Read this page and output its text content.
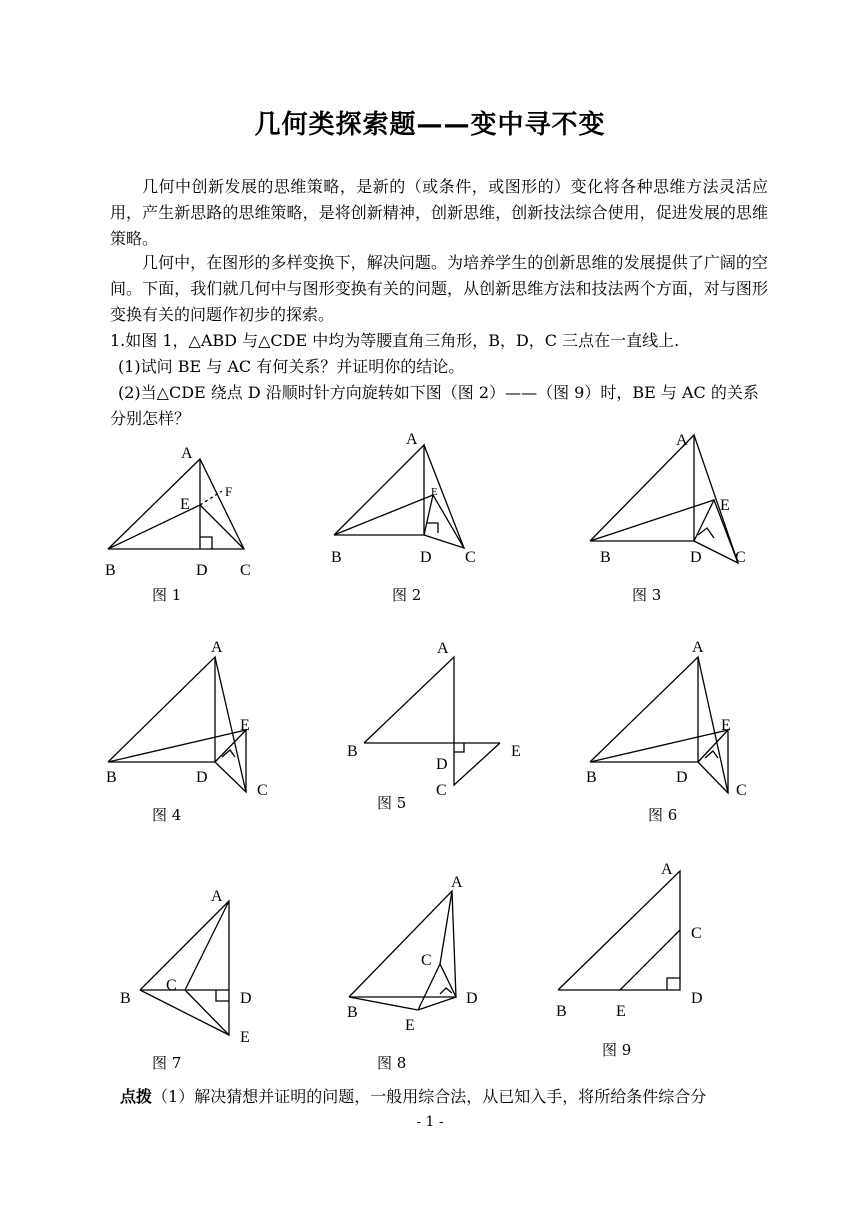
几何类探索题——变中寻不变

几何中创新发展的思维策略，是新的（或条件，或图形的）变化将各种思维方法灵活应用，产生新思路的思维策略，是将创新精神，创新思维，创新技法综合使用，促进发展的思维策略。

几何中，在图形的多样变换下，解决问题。为培养学生的创新思维的发展提供了广阔的空间。下面，我们就几何中与图形变换有关的问题，从创新思维方法和技法两个方面，对与图形变换有关的问题作初步的探索。

1.如图 1，△ABD 与△CDE 中均为等腰直角三角形，B，D，C 三点在一直线上.

(1)试问 BE 与 AC 有何关系？并证明你的结论。

(2)当△CDE 绕点 D 沿顺时针方向旋转如下图（图 2）——（图 9）时，BE 与 AC 的关系分别怎样？

A
E
F
B	D C
图 1
A
E
B	D C
图 2
A
E
B	D C
图 3
A
E
B	D
C
图 4
A
B	E
D
C
图 5
A
E
B	D
C
图 6
A
B
C
D
E
图 7
A
C
D
B
E
图 8
A
C
D
B	E
图 9

点拨（1）解决猜想并证明的问题，一般用综合法，从已知入手，将所给条件综合分

- 1 -
